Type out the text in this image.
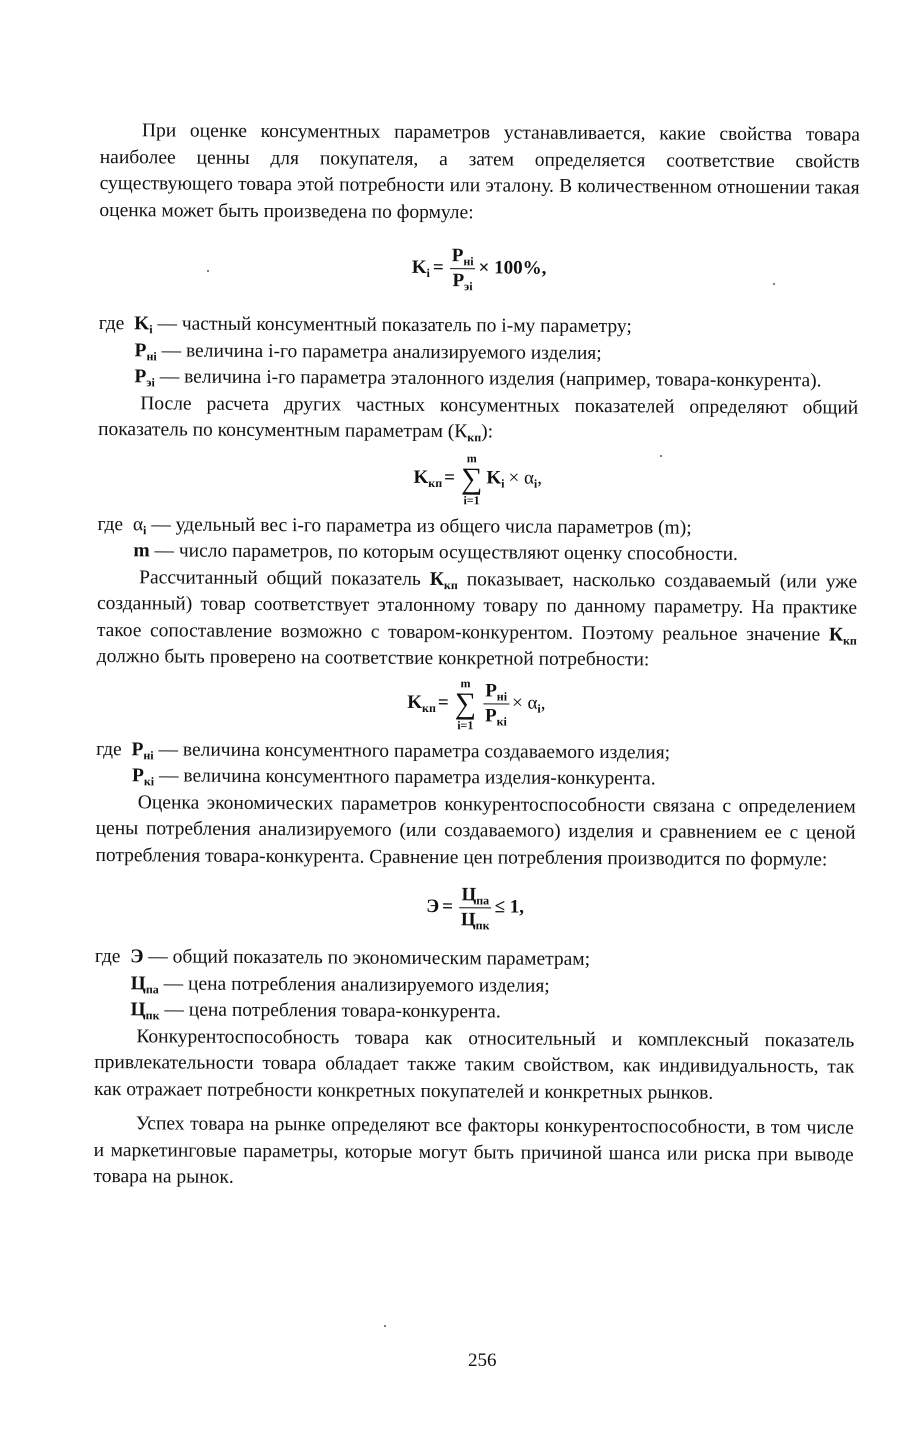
При оценке консументных параметров устанавливается, какие свойства товара наиболее ценны для покупателя, а затем определяется соответствие свойств существующего товара этой потребности или эталону. В количественном отношении такая оценка может быть произведена по формуле:

$K_i = \frac{P_{нi}}{P_{эi}} \times 100\%$,
где $K_i$ — частный консументный показатель по i-му параметру;
$P_{нi}$ — величина i-го параметра анализируемого изделия;

$P_{эi}$ — величина i-го параметра эталонного изделия (например, товара-конкурента).

После расчета других частных консументных показателей определяют общий показатель по консументным параметрам $(К_{кп})$:

$K_{кп}$ =
m
∑
i=1
$K_i \times \alpha_i$,
где $\alpha_i$ — удельный вес i-го параметра из общего числа параметров (m);
m — число параметров, по которым осуществляют оценку способности.

Рассчитанный общий показатель $К_{кп}$ показывает, насколько создаваемый (или уже созданный) товар соответствует эталонному товару по данному параметру. На практике такое сопоставление возможно с товаром-конкурентом. Поэтому реальное значение $К_{кп}$ должно быть проверено на соответствие конкретной потребности:

$K_{кп}$ =
m
∑
$i=1 \frac{P_{нi}}{P_{кi}} \times \alpha_i$,
где $P_{нi}$ — величина консументного параметра создаваемого изделия;
$P_{кi}$ — величина консументного параметра изделия-конкурента.

Оценка экономических параметров конкурентоспособности связана с определением цены потребления анализируемого (или создаваемого) изделия и сравнением ее с ценой потребления товара-конкурента. Сравнение цен потребления производится по формуле:

$Э = \frac{Ц_{па}}{Ц_{пк}} \le 1$,
где Э — общий показатель по экономическим параметрам;
$Ц_{па}$ — цена потребления анализируемого изделия;
$Ц_{пк}$ — цена потребления товара-конкурента.

Конкурентоспособность товара как относительный и комплексный показатель привлекательности товара обладает также таким свойством, как индивидуальность, так как отражает потребности конкретных покупателей и конкретных рынков.

Успех товара на рынке определяют все факторы конкурентоспособности, в том числе и маркетинговые параметры, которые могут быть причиной шанса или риска при выводе товара на рынок.

256
